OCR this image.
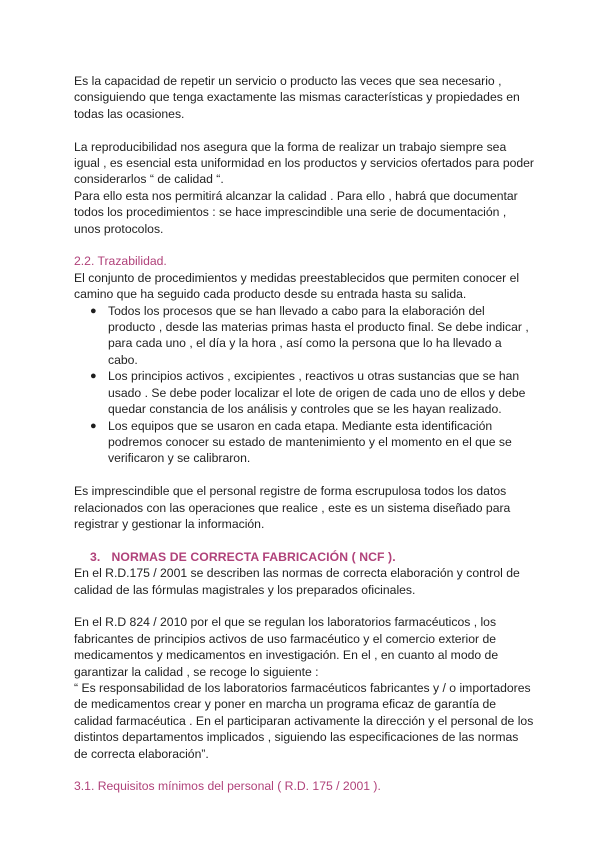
Es la capacidad de repetir un servicio o producto las veces que sea necesario , consiguiendo que tenga exactamente las mismas características y propiedades en todas las ocasiones.

La reproducibilidad nos asegura que la forma de realizar un trabajo siempre sea igual , es esencial esta uniformidad en los productos y servicios ofertados para poder considerarlos “ de calidad “.

Para ello esta nos permitirá alcanzar la calidad . Para ello , habrá que documentar todos los procedimientos : se hace imprescindible una serie de documentación , unos protocolos.

2.2. Trazabilidad.

El conjunto de procedimientos y medidas preestablecidos que permiten conocer el camino que ha seguido cada producto desde su entrada hasta su salida.

● Todos los procesos que se han llevado a cabo para la elaboración del producto , desde las materias primas hasta el producto final. Se debe indicar , para cada uno , el día y la hora , así como la persona que lo ha llevado a cabo.
● Los principios activos , excipientes , reactivos u otras sustancias que se han usado . Se debe poder localizar el lote de origen de cada uno de ellos y debe quedar constancia de los análisis y controles que se les hayan realizado.
● Los equipos que se usaron en cada etapa. Mediante esta identificación podremos conocer su estado de mantenimiento y el momento en el que se verificaron y se calibraron.

Es imprescindible que el personal registre de forma escrupulosa todos los datos relacionados con las operaciones que realice , este es un sistema diseñado para registrar y gestionar la información.

3. NORMAS DE CORRECTA FABRICACIÓN ( NCF ).

En el R.D.175 / 2001 se describen las normas de correcta elaboración y control de calidad de las fórmulas magistrales y los preparados oficinales.

En el R.D 824 / 2010 por el que se regulan los laboratorios farmacéuticos , los fabricantes de principios activos de uso farmacéutico y el comercio exterior de medicamentos y medicamentos en investigación. En el , en cuanto al modo de garantizar la calidad , se recoge lo siguiente :

“ Es responsabilidad de los laboratorios farmacéuticos fabricantes y / o importadores de medicamentos crear y poner en marcha un programa eficaz de garantía de calidad farmacéutica . En el participaran activamente la dirección y el personal de los distintos departamentos implicados , siguiendo las especificaciones de las normas de correcta elaboración”.

3.1. Requisitos mínimos del personal ( R.D. 175 / 2001 ).
